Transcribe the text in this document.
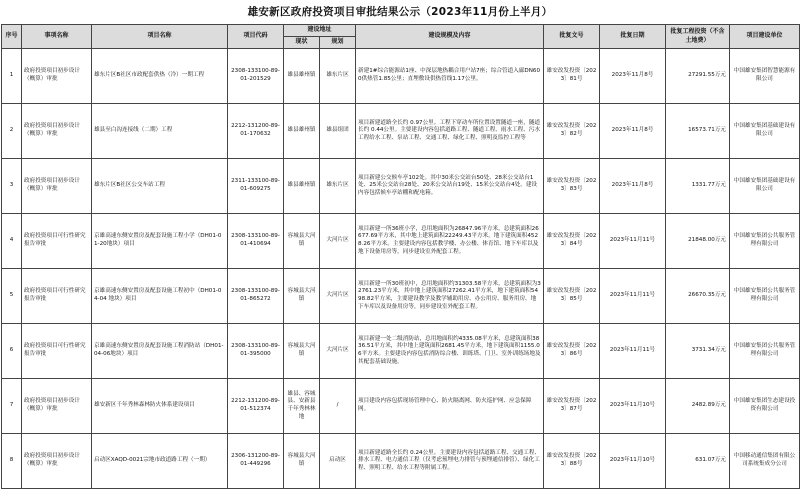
雄安新区政府投资项目审批结果公示（2023年11月份上半月）
序号	事项名称	项目名称	项目代码	建设地址		建设规模及内容	批复文号	批复日期	批复工程投资（不含土地费）	项目建设单位
				现状	规划					
1	政府投资项目初步设计（概算）审批	雄东片区B社区市政配套供热（冷）一期工程	2308-133100-89-01-201529	雄县雄州镇	雄东片区	新建1#综合能源站1座、中深层地热耦合用户站7座；综合管道入廊DN600供热管1.85公里；直埋敷设供热管线1.17公里。	雄安改发投资〔2023〕81号	2023年11月8号	27291.55万元	中国雄安集团智慧能源有限公司
2	政府投资项目初步设计（概算）审批	雄县至白沟连接线（二期）工程	2212-131200-89-01-170632	雄县雄州镇	雄县组团	项目新建道路全长约 0.97公里。工程下穿动车所位置设置隧道一座，隧道长约 0.44公里。主要建设内容包括道路工程、隧道工程、雨水工程、污水工程给水工程、泵站工程、交通工程、绿化工程、照明及监控工程等	雄安改发投资〔2023〕82号	2023年11月8号	16573.71万元	中国雄安集团基础建设有限公司
3	政府投资项目初步设计（概算）审批	雄东片区B社区公交车站工程	2311-133100-89-01-609275	雄县雄州镇	雄东片区	项目新建公交候车亭102处。其中30米公交站台50处、28米公交站台1处、25米公交站台28处、20米公交站台19处、15米公交站台4处。建设内容包括候车亭站棚和配电箱。	雄安改发投资〔2023〕83号	2023年11月8号	1331.77万元	中国雄安集团基础建设有限公司
4	政府投资项目可行性研究报告审批	京雄高速东侧安置房及配套设施工程小学（DH01-01-20地块）项目	2308-133100-89-01-410694	容城县大河镇	大河片区	项目新建一所36班小学，总用地面积为26847.96平方米，总建筑面积26677.69平方米，其中地上建筑面积22249.43平方米，地下建筑面积4528.26平方米。主要建设内容包括教学楼、办公楼、体育馆、地下车库以及地下设备用房等，同步建设室外配套工程。	雄安改发投资〔2023〕84号	2023年11月11号	21848.00万元	中国雄安集团公共服务管理有限公司
5	政府投资项目可行性研究报告审批	京雄高速东侧安置房及配套设施工程初中（DH01-04-04 地块）项目	2308-133100-89-01-865272	容城县大河镇	大河片区	项目新建一所30班初中，总用地面积约31303.58平方米，总建筑面积为32761.23平方米，其中地上建筑面积27262.41平方米，地下建筑面积5498.82平方米，主要建设教学及教学辅助用房、办公用房、服务用房、地下车库以及设备用房等，同步建设室外配套工程。	雄安改发投资〔2023〕85号	2023年11月11号	26670.35万元	中国雄安集团公共服务管理有限公司
6	政府投资项目可行性研究报告审批	京雄高速东侧安置房及配套设施工程消防站（DH01-04-06地块）项目	2308-133100-89-01-395000	容城县大河镇	大河片区	项目新建一处二级消防站，总用地面积约4335.08平方米，总建筑面积3836.51平方米，其中地上建筑面积2681.45平方米，地下建筑面积1155.06平方米。主要建设内容包括消防综合楼、训练塔、门卫、室外训练场地及其配套基础设施。	雄安改发投资〔2023〕86号	2023年11月11号	3731.34万元	中国雄安集团公共服务管理有限公司
7	政府投资项目初步设计（概算）审批	雄安新区千年秀林森林防火体系建设项目	2212-131200-89-01-512374	雄县、容城县、安新县千年秀林林地	/	项目建设内容包括现场管理中心、防火隔离网、防火巡护网、应急保障网。	雄安改发投资〔2023〕87号	2023年11月10号	2482.89万元	中国雄安集团生态建设投资有限公司
8	政府投资项目初步设计（概算）审批	启动区XAQD-0021宗地市政道路工程（一期）	2306-131200-89-01-449296	容城县大河镇	启动区	项目新建道路全长约 0.24公里。主要建设内容包括道路工程、交通工程、排水工程、电力通信工程（仅考虑预埋电力排管与预埋通信排管）、绿化工程、照明工程、给水工程等附属工程。	雄安改发投资〔2023〕88号	2023年11月10号	631.07万元	中国移动通信集团有限公司系统集成分公司
